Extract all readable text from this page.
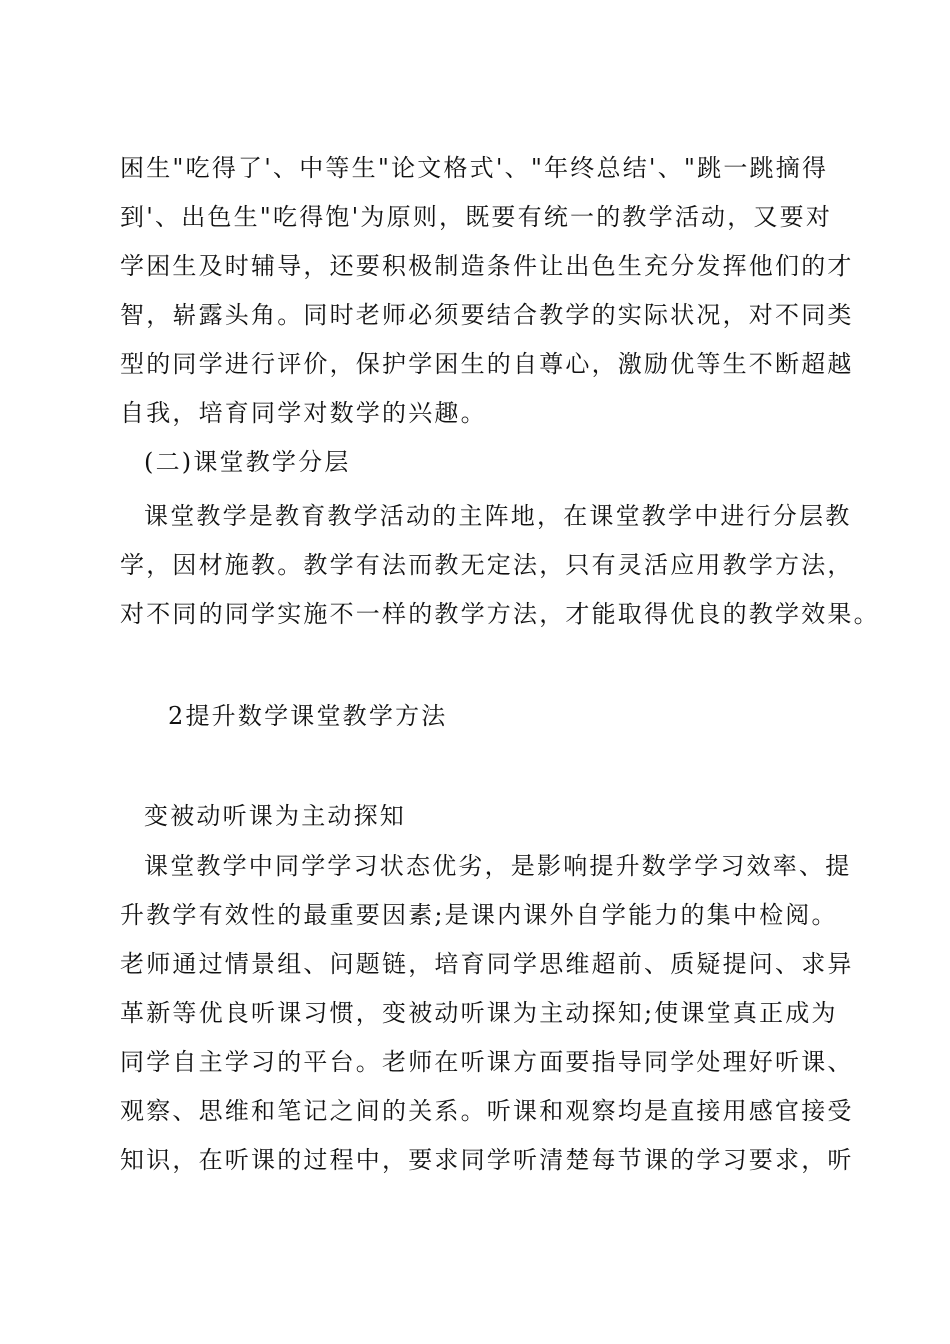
困生"吃得了'、中等生"论文格式'、"年终总结'、"跳一跳摘得
到'、出色生"吃得饱'为原则，既要有统一的教学活动，又要对
学困生及时辅导，还要积极制造条件让出色生充分发挥他们的才
智，崭露头角。同时老师必须要结合教学的实际状况，对不同类
型的同学进行评价，保护学困生的自尊心，激励优等生不断超越
自我，培育同学对数学的兴趣。
(二)课堂教学分层
课堂教学是教育教学活动的主阵地，在课堂教学中进行分层教
学，因材施教。教学有法而教无定法，只有灵活应用教学方法，
对不同的同学实施不一样的教学方法，才能取得优良的教学效果。
2提升数学课堂教学方法
变被动听课为主动探知
课堂教学中同学学习状态优劣，是影响提升数学学习效率、提
升教学有效性的最重要因素;是课内课外自学能力的集中检阅。
老师通过情景组、问题链，培育同学思维超前、质疑提问、求异
革新等优良听课习惯，变被动听课为主动探知;使课堂真正成为
同学自主学习的平台。老师在听课方面要指导同学处理好听课、
观察、思维和笔记之间的关系。听课和观察均是直接用感官接受
知识，在听课的过程中，要求同学听清楚每节课的学习要求，听
